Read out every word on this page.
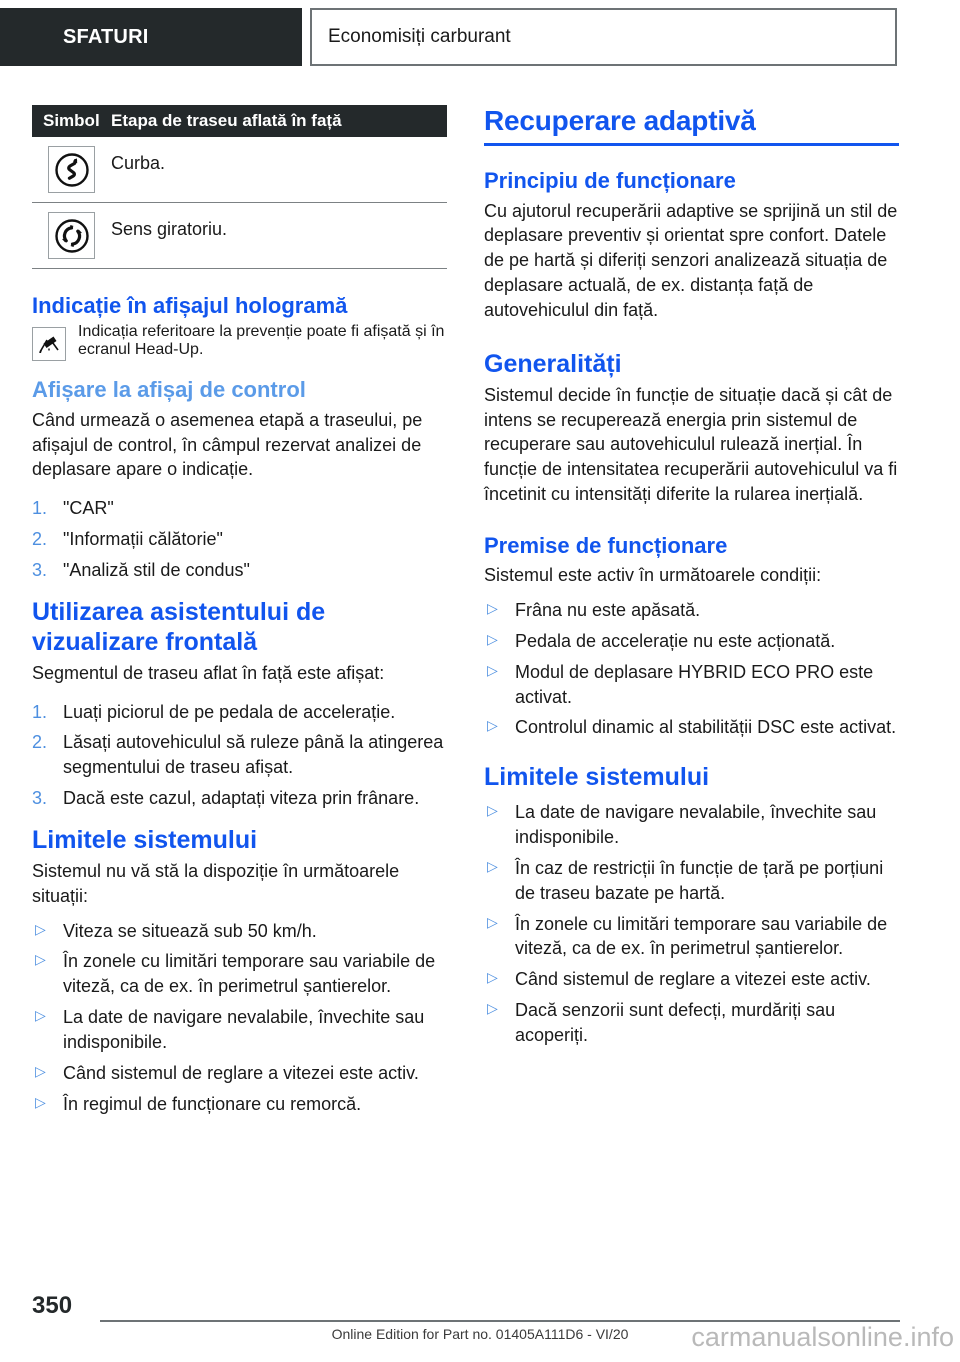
SFATURI	Economisiți carburant
Simbol Etapa de traseu aflată în față
Curba.
Sens giratoriu.
Indicație în afișajul hologramă
Indicația referitoare la prevenție poate fi afișată și în ecranul Head-Up.
Afișare la afișaj de control

Când urmează o asemenea etapă a traseului, pe afișajul de control, în câmpul rezervat analizei de deplasare apare o indicație.

1. "CAR"
2. "Informații călătorie"
3. "Analiză stil de condus"
Utilizarea asistentului de vizualizare frontală

Segmentul de traseu aflat în față este afișat:

1. Luați piciorul de pe pedala de accelerație.
2. Lăsați autovehiculul să ruleze până la atingerea segmentului de traseu afișat.
3. Dacă este cazul, adaptați viteza prin frânare.
Limitele sistemului

Sistemul nu vă stă la dispoziție în următoarele situații:

▷ Viteza se situează sub 50 km/h.
▷ În zonele cu limitări temporare sau variabile de viteză, ca de ex. în perimetrul șantierelor.
▷ La date de navigare nevalabile, învechite sau indisponibile.
▷ Când sistemul de reglare a vitezei este activ.
▷ În regimul de funcționare cu remorcă.
Recuperare adaptivă
Principiu de funcționare

Cu ajutorul recuperării adaptive se sprijină un stil de deplasare preventiv și orientat spre confort. Datele de pe hartă și diferiți senzori analizează situația de deplasare actuală, de ex. distanța față de autovehiculul din față.

Generalități

Sistemul decide în funcție de situație dacă și cât de intens se recuperează energia prin sistemul de recuperare sau autovehiculul rulează inerțial. În funcție de intensitatea recuperării autovehiculul va fi încetinit cu intensități diferite la rularea inerțială.

Premise de funcționare

Sistemul este activ în următoarele condiții:

▷ Frâna nu este apăsată.
▷ Pedala de accelerație nu este acționată.
▷ Modul de deplasare HYBRID ECO PRO este activat.
▷ Controlul dinamic al stabilității DSC este activat.
Limitele sistemului
▷ La date de navigare nevalabile, învechite sau indisponibile.
▷ În caz de restricții în funcție de țară pe porțiuni de traseu bazate pe hartă.
▷ În zonele cu limitări temporare sau variabile de viteză, ca de ex. în perimetrul șantierelor.
▷ Când sistemul de reglare a vitezei este activ.
▷ Dacă senzorii sunt defecți, murdăriți sau acoperiți.
350
Online Edition for Part no. 01405A111D6 - VI/20	carmanualsonline.info
